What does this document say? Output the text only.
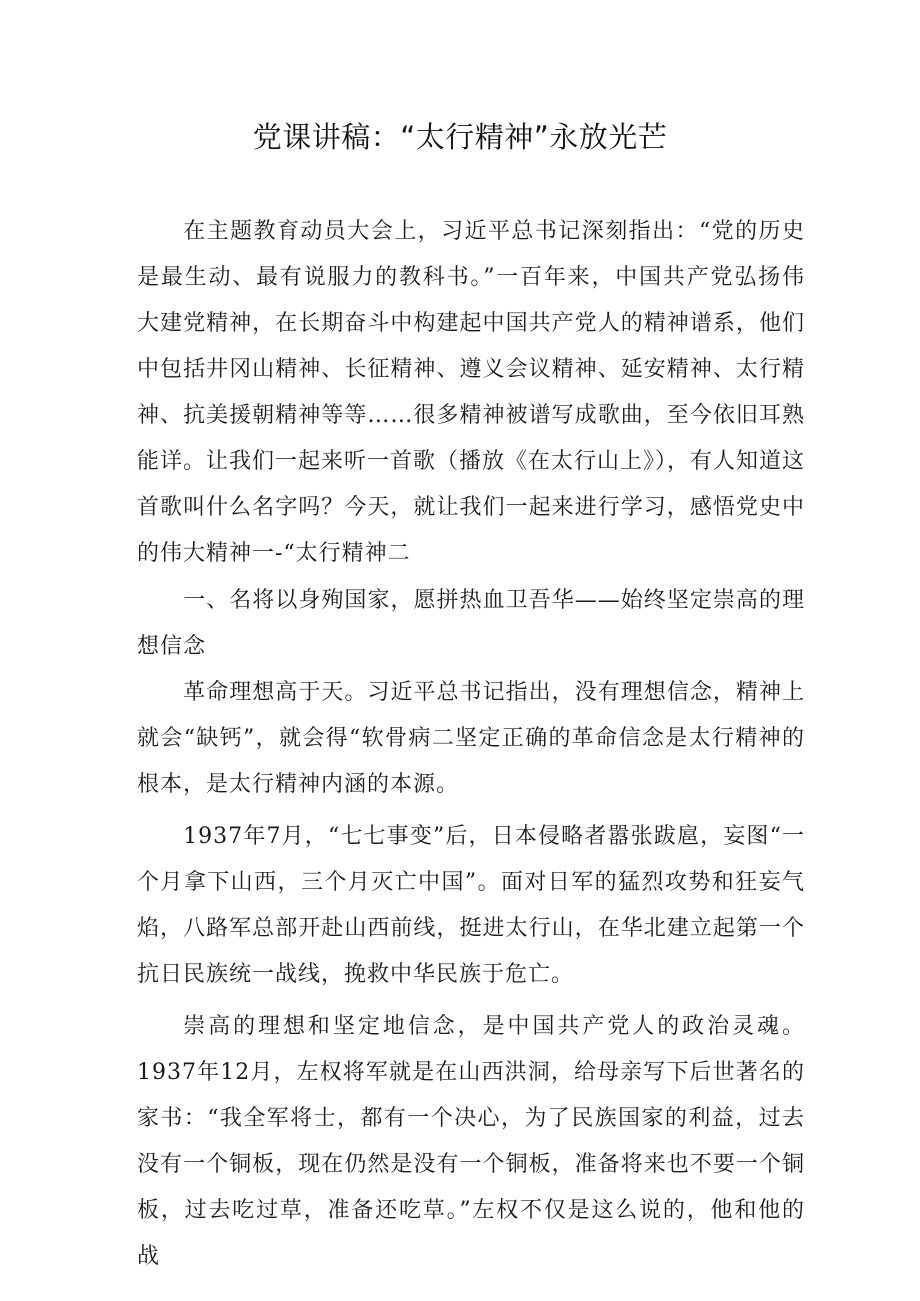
党课讲稿：“太行精神”永放光芒

在主题教育动员大会上，习近平总书记深刻指出：“党的历史是最生动、最有说服力的教科书。”一百年来，中国共产党弘扬伟大建党精神，在长期奋斗中构建起中国共产党人的精神谱系，他们中包括井冈山精神、长征精神、遵义会议精神、延安精神、太行精神、抗美援朝精神等等……很多精神被谱写成歌曲，至今依旧耳熟能详。让我们一起来听一首歌（播放《在太行山上》），有人知道这首歌叫什么名字吗？今天，就让我们一起来进行学习，感悟党史中的伟大精神一-“太行精神二

一、名将以身殉国家，愿拼热血卫吾华——始终坚定崇高的理想信念

革命理想高于天。习近平总书记指出，没有理想信念，精神上就会“缺钙”，就会得“软骨病二坚定正确的革命信念是太行精神的根本，是太行精神内涵的本源。

1937年7月，“七七事变”后，日本侵略者嚣张跋扈，妄图“一个月拿下山西，三个月灭亡中国”。面对日军的猛烈攻势和狂妄气焰，八路军总部开赴山西前线，挺进太行山，在华北建立起第一个抗日民族统一战线，挽救中华民族于危亡。

崇高的理想和坚定地信念，是中国共产党人的政治灵魂。1937年12月，左权将军就是在山西洪洞，给母亲写下后世著名的家书：“我全军将士，都有一个决心，为了民族国家的利益，过去没有一个铜板，现在仍然是没有一个铜板，准备将来也不要一个铜板，过去吃过草，准备还吃草。”左权不仅是这么说的，他和他的战
